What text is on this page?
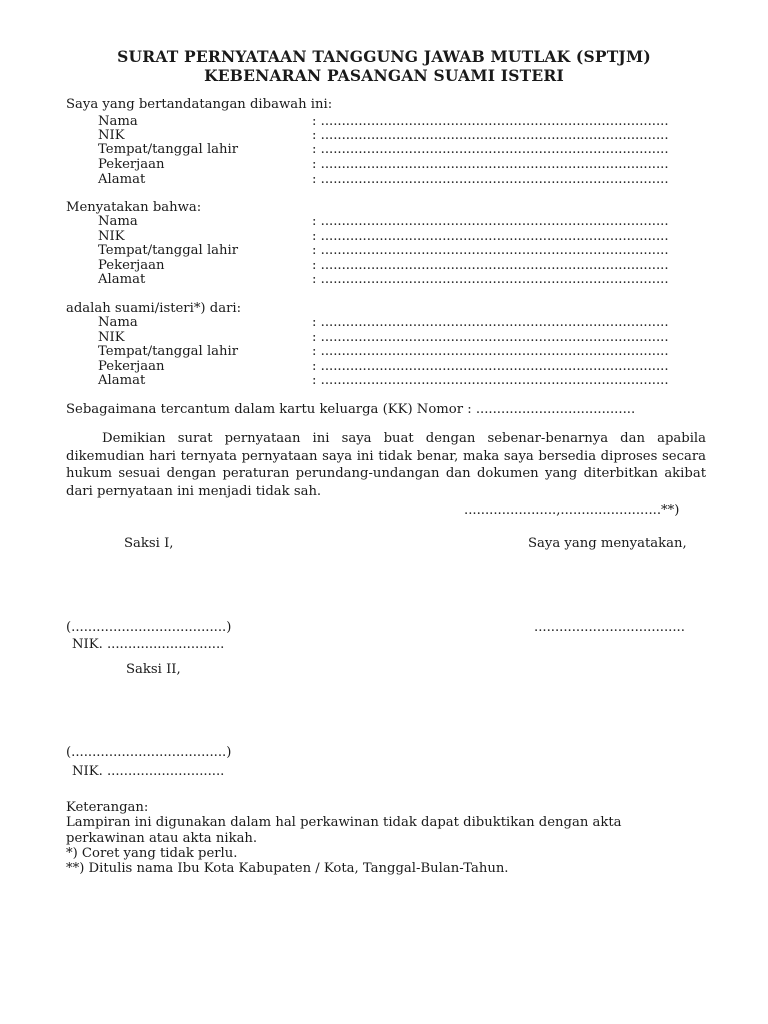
SURAT PERNYATAAN TANGGUNG JAWAB MUTLAK (SPTJM)
KEBENARAN PASANGAN SUAMI ISTERI
Saya yang bertandatangan dibawah ini:
Nama	: ...................................................................................
NIK	: ...................................................................................
Tempat/tanggal lahir	: ...................................................................................
Pekerjaan	: ...................................................................................
Alamat	: ...................................................................................
Menyatakan bahwa:
Nama	: ...................................................................................
NIK	: ...................................................................................
Tempat/tanggal lahir	: ...................................................................................
Pekerjaan	: ...................................................................................
Alamat	: ...................................................................................
adalah suami/isteri*) dari:
Nama	: ...................................................................................
NIK	: ...................................................................................
Tempat/tanggal lahir	: ...................................................................................
Pekerjaan	: ...................................................................................
Alamat	: ...................................................................................
Sebagaimana tercantum dalam kartu keluarga (KK) Nomor : ......................................
Demikian surat pernyataan ini saya buat dengan sebenar-benarnya dan apabila dikemudian hari ternyata pernyataan saya ini tidak benar, maka saya bersedia diproses secara hukum sesuai dengan peraturan perundang-undangan dan dokumen yang diterbitkan akibat dari pernyataan ini menjadi tidak sah.
......................,........................**)
Saksi I,	Saya yang menyatakan,
(.....................................)	....................................
NIK. ............................
Saksi II,
(.....................................)
NIK. ............................
Keterangan:
Lampiran ini digunakan dalam hal perkawinan tidak dapat dibuktikan dengan akta
perkawinan atau akta nikah.
*) Coret yang tidak perlu.
**) Ditulis nama Ibu Kota Kabupaten / Kota, Tanggal-Bulan-Tahun.
